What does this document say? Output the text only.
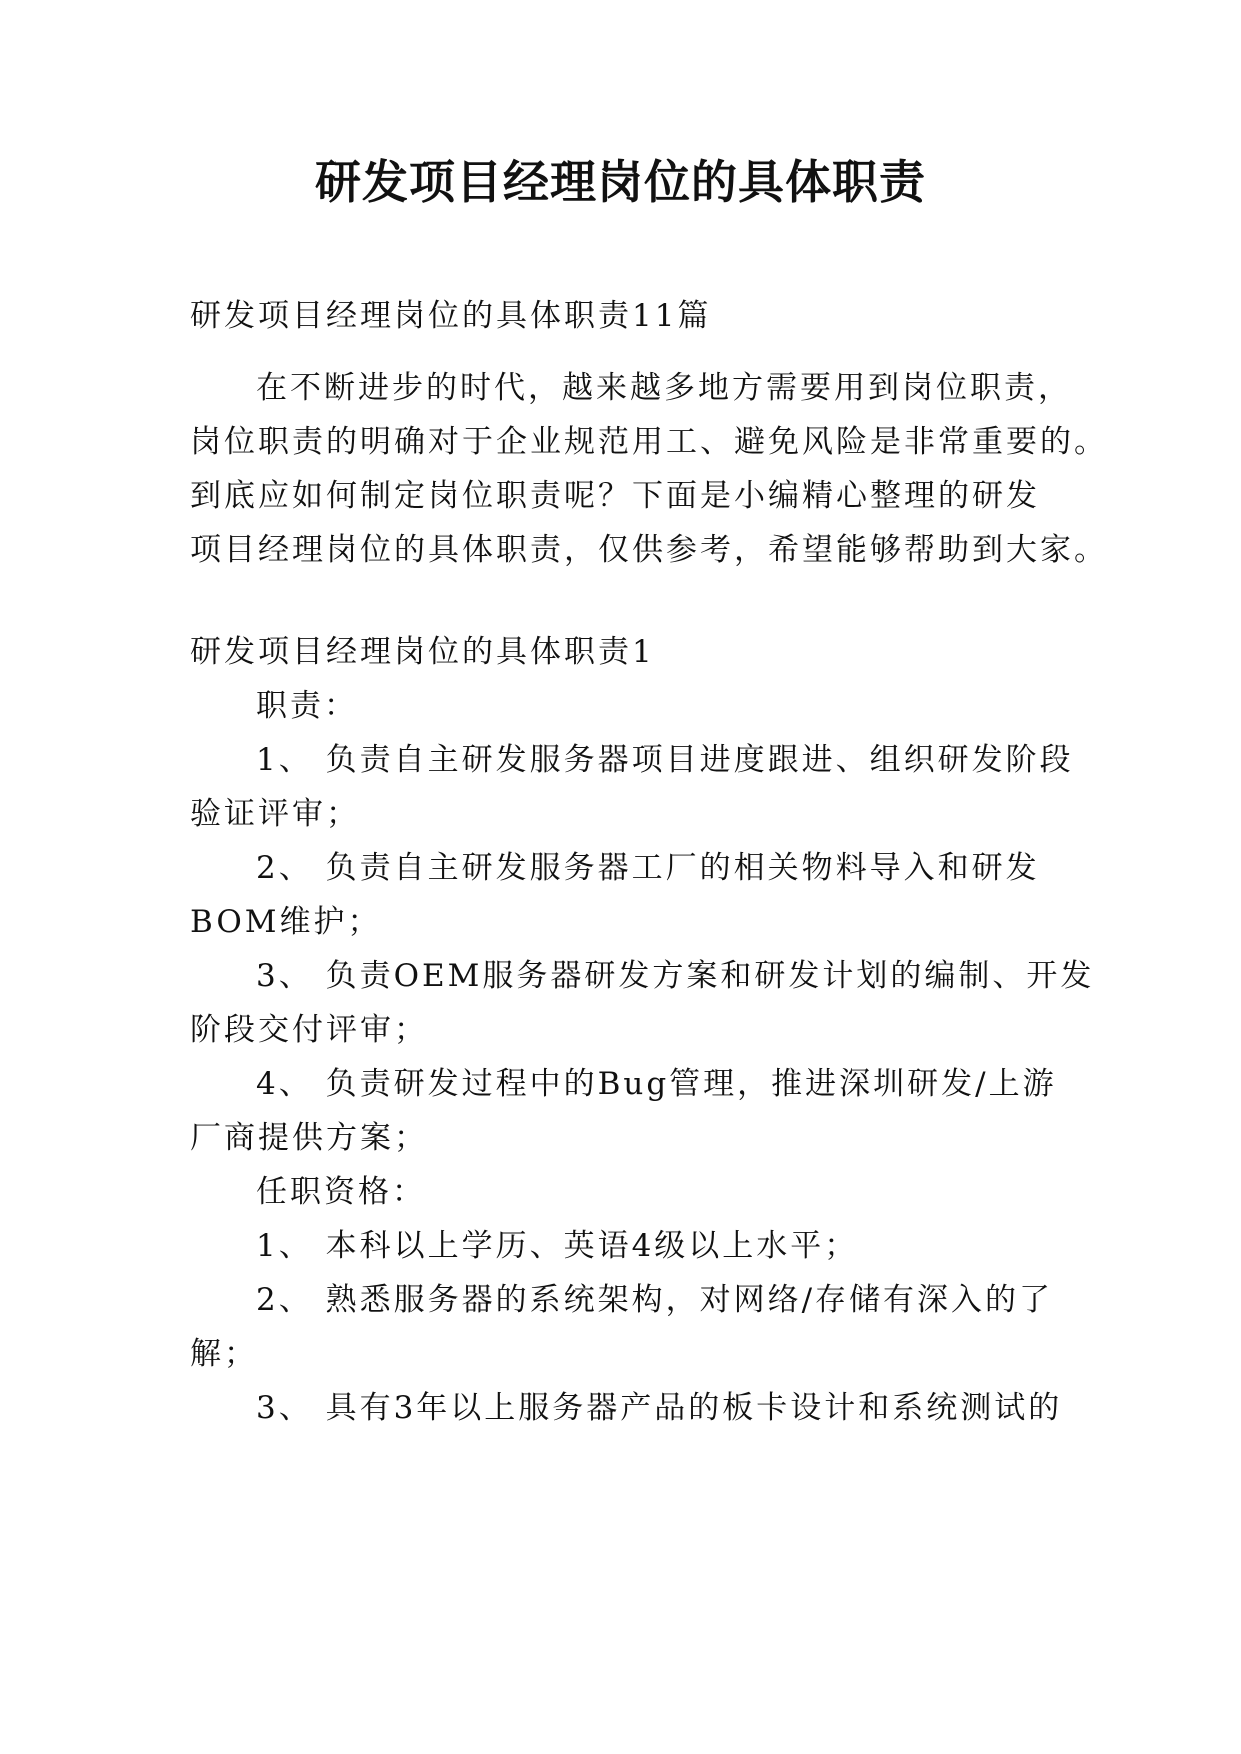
研发项目经理岗位的具体职责
研发项目经理岗位的具体职责11篇
在不断进步的时代，越来越多地方需要用到岗位职责，
岗位职责的明确对于企业规范用工、避免风险是非常重要的。
到底应如何制定岗位职责呢？下面是小编精心整理的研发
项目经理岗位的具体职责，仅供参考，希望能够帮助到大家。
研发项目经理岗位的具体职责1
职责：
1、 负责自主研发服务器项目进度跟进、组织研发阶段
验证评审；
2、 负责自主研发服务器工厂的相关物料导入和研发
BOM维护；
3、 负责OEM服务器研发方案和研发计划的编制、开发
阶段交付评审；
4、 负责研发过程中的Bug管理，推进深圳研发/上游
厂商提供方案；
任职资格：
1、 本科以上学历、英语4级以上水平；
2、 熟悉服务器的系统架构，对网络/存储有深入的了
解；
3、 具有3年以上服务器产品的板卡设计和系统测试的
